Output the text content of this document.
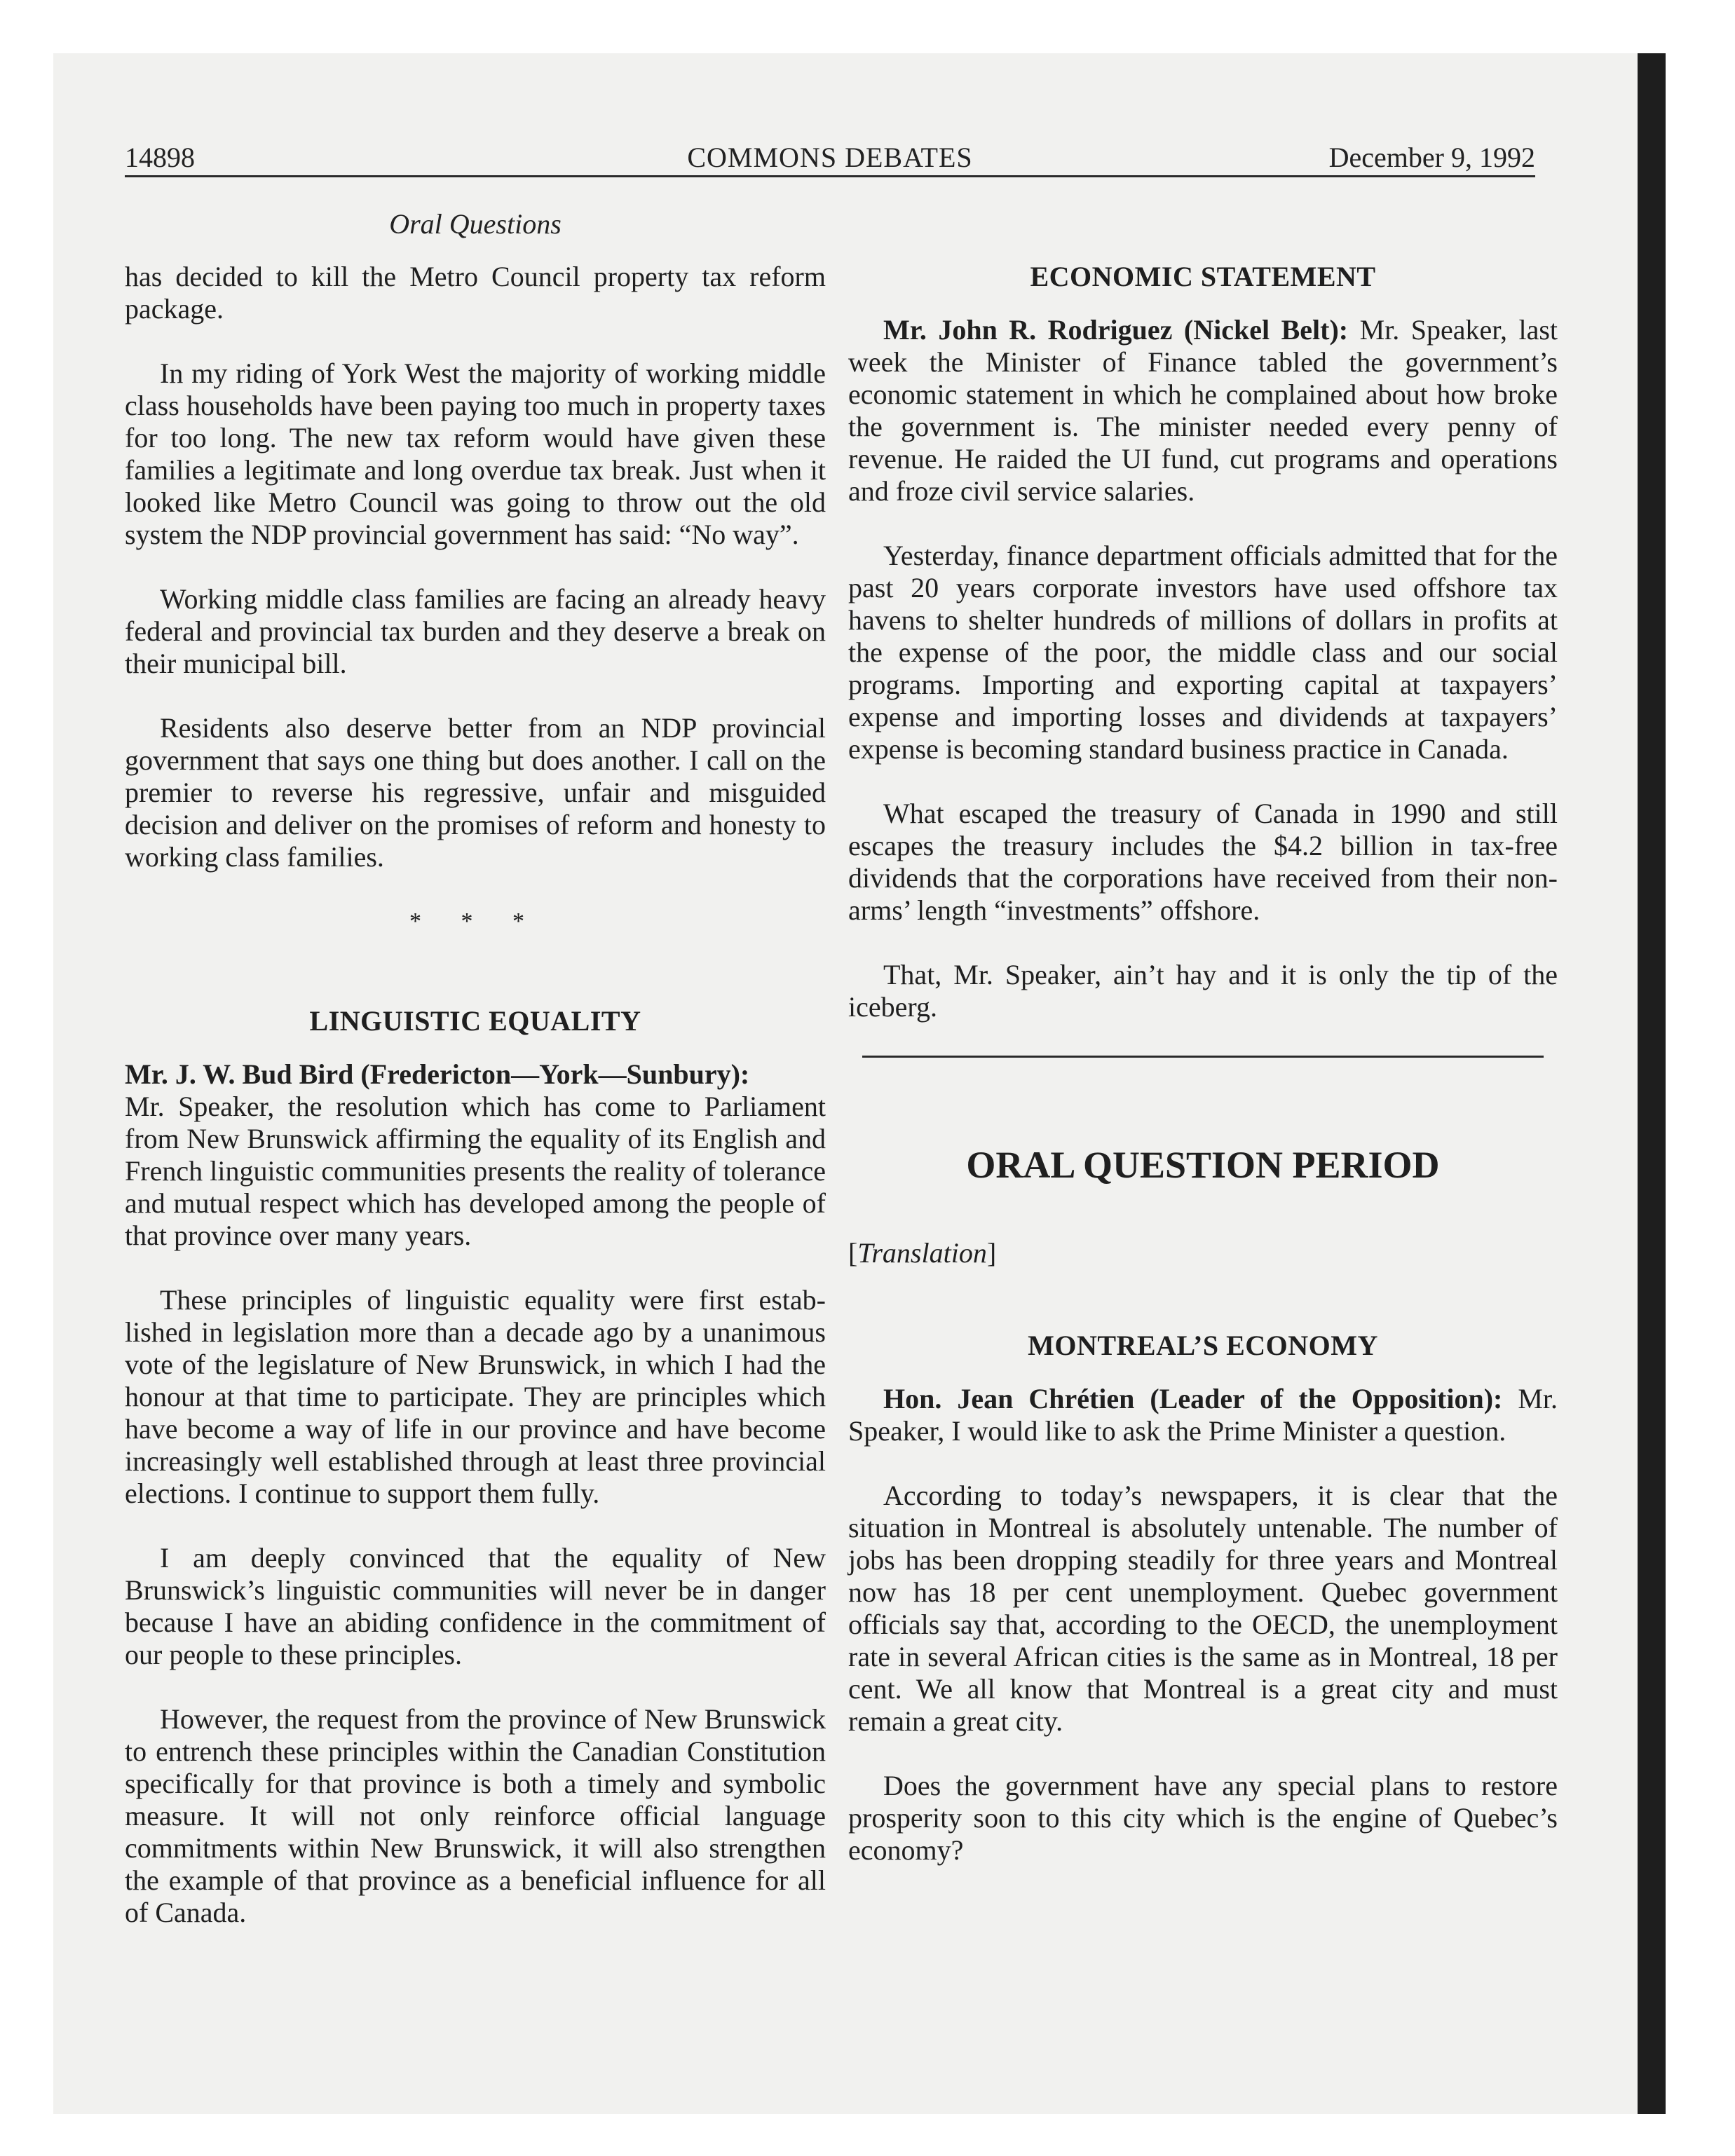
14898	COMMONS DEBATES	December 9, 1992
Oral Questions

has decided to kill the Metro Council property tax reform package.

In my riding of York West the majority of working middle class households have been paying too much in property taxes for too long. The new tax reform would have given these families a legitimate and long overdue tax break. Just when it looked like Metro Council was going to throw out the old system the NDP provincial government has said: “No way”.

Working middle class families are facing an already heavy federal and provincial tax burden and they deserve a break on their municipal bill.

Residents also deserve better from an NDP provincial government that says one thing but does another. I call on the premier to reverse his regressive, unfair and misguided decision and deliver on the promises of reform and honesty to working class families.

* * *
LINGUISTIC EQUALITY

Mr. J. W. Bud Bird (Fredericton—York—Sunbury):
Mr. Speaker, the resolution which has come to Parliament from New Brunswick affirming the equality of its English and French linguistic communities presents the reality of tolerance and mutual respect which has developed among the people of that province over many years.

These principles of linguistic equality were first established in legislation more than a decade ago by a unanimous vote of the legislature of New Brunswick, in which I had the honour at that time to participate. They are principles which have become a way of life in our province and have become increasingly well established through at least three provincial elections. I continue to support them fully.

I am deeply convinced that the equality of New Brunswick’s linguistic communities will never be in danger because I have an abiding confidence in the commitment of our people to these principles.

However, the request from the province of New Brunswick to entrench these principles within the Canadian Constitution specifically for that province is both a timely and symbolic measure. It will not only reinforce official language commitments within New Brunswick, it will also strengthen the example of that province as a beneficial influence for all of Canada.

ECONOMIC STATEMENT

Mr. John R. Rodriguez (Nickel Belt): Mr. Speaker, last week the Minister of Finance tabled the government’s economic statement in which he complained about how broke the government is. The minister needed every penny of revenue. He raided the UI fund, cut programs and operations and froze civil service salaries.

Yesterday, finance department officials admitted that for the past 20 years corporate investors have used offshore tax havens to shelter hundreds of millions of dollars in profits at the expense of the poor, the middle class and our social programs. Importing and exporting capital at taxpayers’ expense and importing losses and dividends at taxpayers’ expense is becoming standard business practice in Canada.

What escaped the treasury of Canada in 1990 and still escapes the treasury includes the $4.2 billion in tax-free dividends that the corporations have received from their non-arms’ length “investments” offshore.

That, Mr. Speaker, ain’t hay and it is only the tip of the iceberg.

ORAL QUESTION PERIOD
[Translation]
MONTREAL’S ECONOMY

Hon. Jean Chrétien (Leader of the Opposition): Mr. Speaker, I would like to ask the Prime Minister a question.

According to today’s newspapers, it is clear that the situation in Montreal is absolutely untenable. The number of jobs has been dropping steadily for three years and Montreal now has 18 per cent unemployment. Quebec government officials say that, according to the OECD, the unemployment rate in several African cities is the same as in Montreal, 18 per cent. We all know that Montreal is a great city and must remain a great city.

Does the government have any special plans to restore prosperity soon to this city which is the engine of Quebec’s economy?
